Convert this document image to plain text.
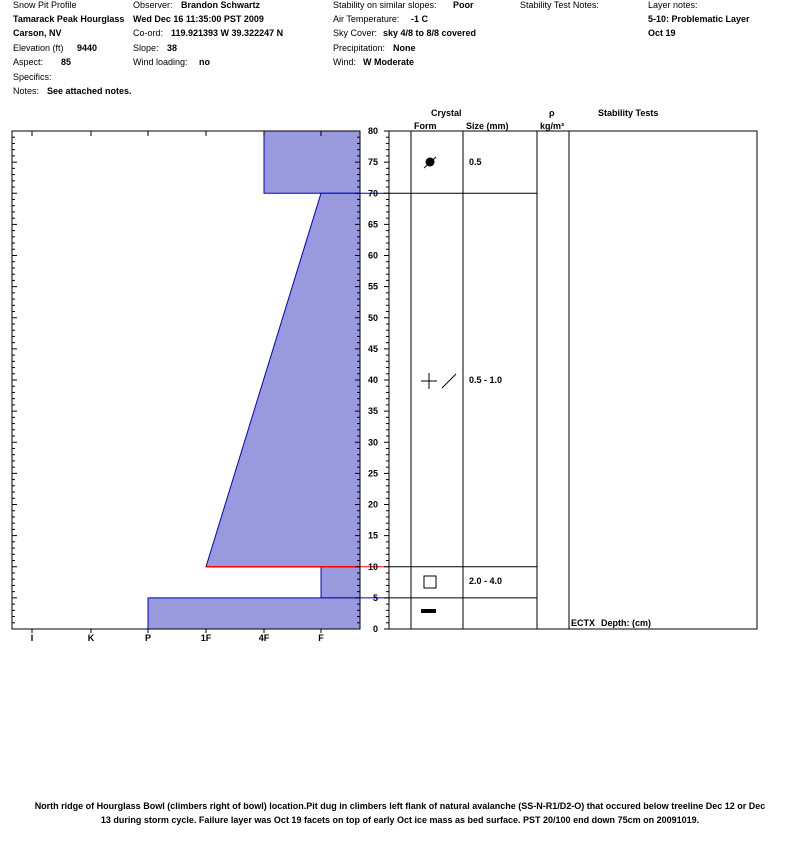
Snow Pit Profile
Tamarack Peak Hourglass
Carson, NV
Elevation (ft) 9440
Aspect: 85
Specifics:
Notes: See attached notes.
Observer: Brandon Schwartz
Wed Dec 16 11:35:00 PST 2009
Co-ord: 119.921393 W 39.322247 N
Slope: 38
Wind loading: no
Stability on similar slopes: Poor
Air Temperature: -1 C
Sky Cover: sky 4/8 to 8/8 covered
Precipitation: None
Wind: W Moderate
Stability Test Notes:	Layer notes:
5-10: Problematic Layer
Oct 19
Crystal
Form	Size (mm)
ρ
kg/m³
Stability Tests
0
5
10
15
20
25
30
35
40
45
50
55
60
65
70
75
80
I	K	P	1F	4F	F
0.5
0.5 - 1.0
2.0 - 4.0
ECTX Depth: (cm)
North ridge of Hourglass Bowl (climbers right of bowl) location.Pit dug in climbers left flank of natural avalanche (SS-N-R1/D2-O) that occured below treeline Dec 12 or Dec 13 during storm cycle. Failure layer was Oct 19 facets on top of early Oct ice mass as bed surface. PST 20/100 end down 75cm on 20091019.
